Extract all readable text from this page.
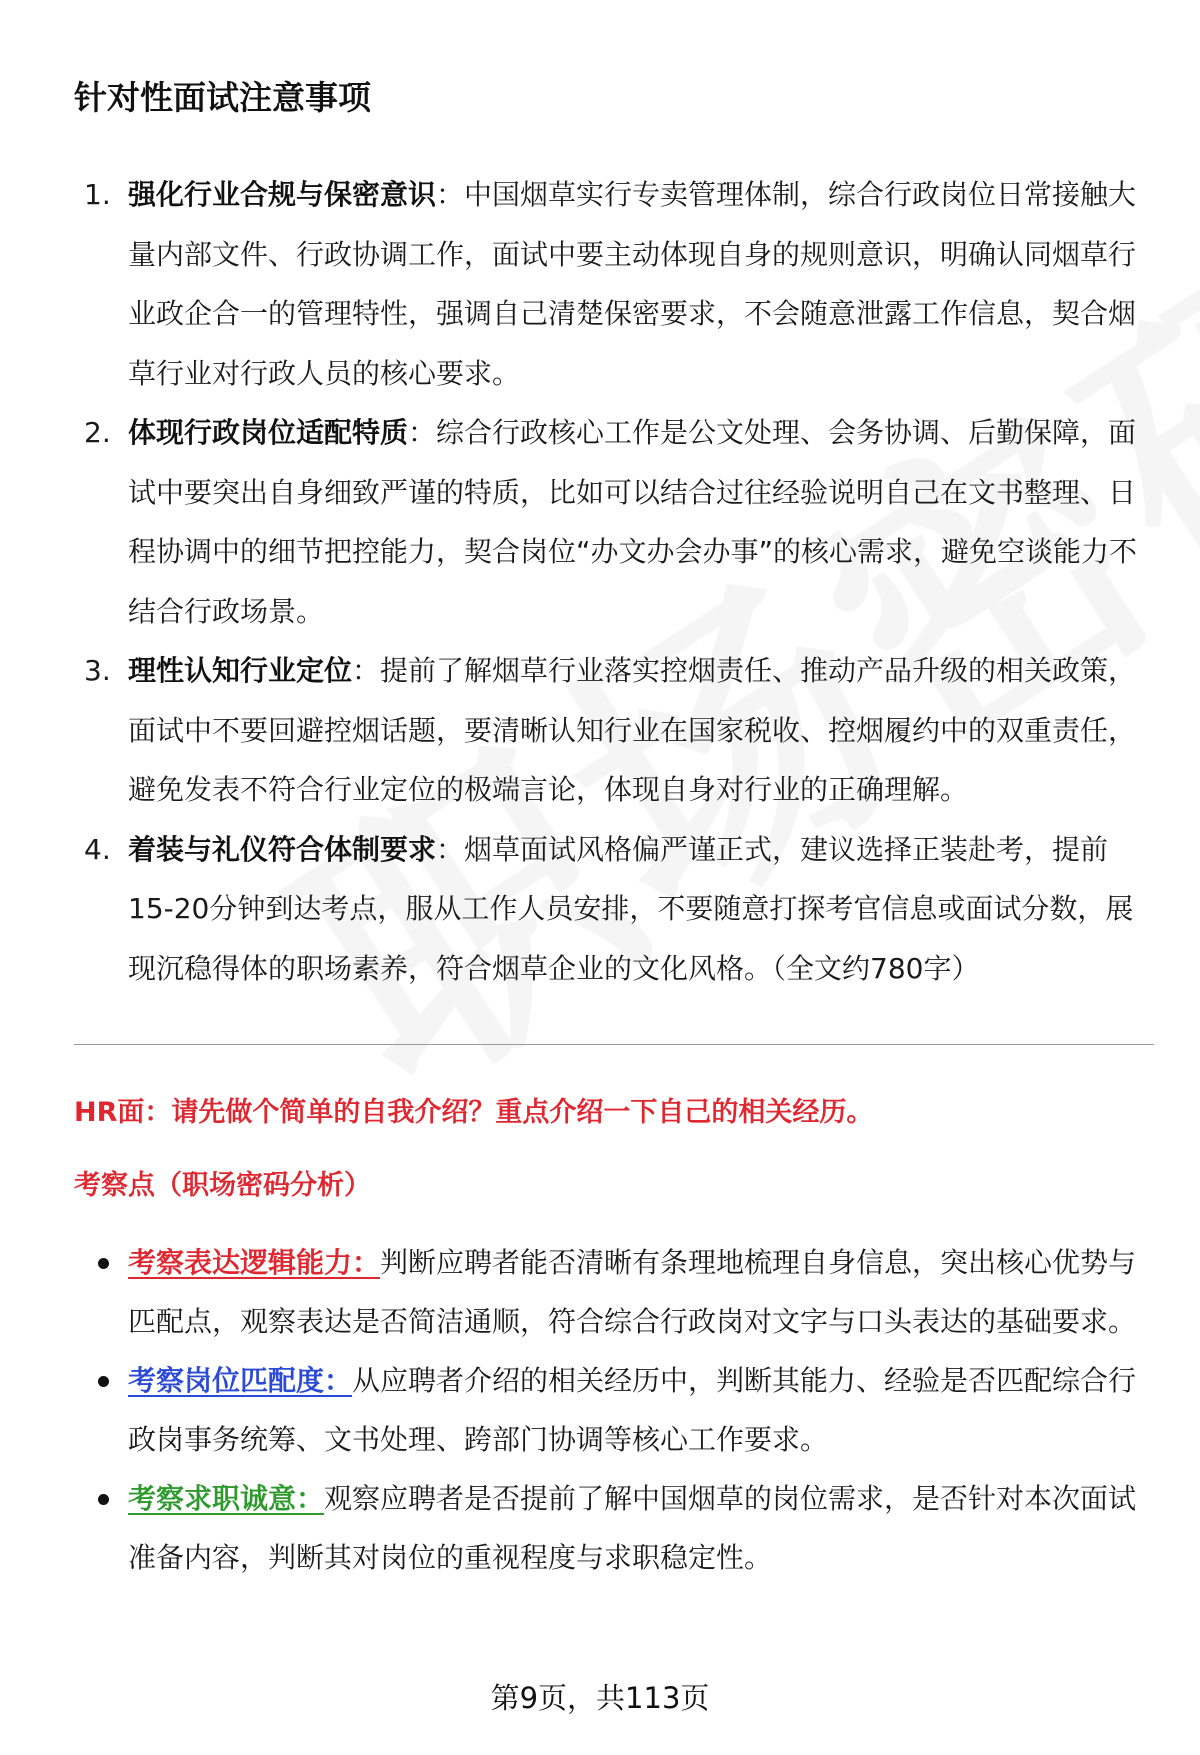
针对性面试注意事项
1. 强化行业合规与保密意识：中国烟草实行专卖管理体制，综合行政岗位日常接触大量内部文件、行政协调工作，面试中要主动体现自身的规则意识，明确认同烟草行业政企合一的管理特性，强调自己清楚保密要求，不会随意泄露工作信息，契合烟草行业对行政人员的核心要求。
2. 体现行政岗位适配特质：综合行政核心工作是公文处理、会务协调、后勤保障，面试中要突出自身细致严谨的特质，比如可以结合过往经验说明自己在文书整理、日程协调中的细节把控能力，契合岗位“办文办会办事”的核心需求，避免空谈能力不结合行政场景。
3. 理性认知行业定位：提前了解烟草行业落实控烟责任、推动产品升级的相关政策，面试中不要回避控烟话题，要清晰认知行业在国家税收、控烟履约中的双重责任，避免发表不符合行业定位的极端言论，体现自身对行业的正确理解。
4. 着装与礼仪符合体制要求：烟草面试风格偏严谨正式，建议选择正装赴考，提前15-20分钟到达考点，服从工作人员安排，不要随意打探考官信息或面试分数，展现沉稳得体的职场素养，符合烟草企业的文化风格。（全文约780字）
HR面：请先做个简单的自我介绍？重点介绍一下自己的相关经历。
考察点（职场密码分析）
考察表达逻辑能力：判断应聘者能否清晰有条理地梳理自身信息，突出核心优势与匹配点，观察表达是否简洁通顺，符合综合行政岗对文字与口头表达的基础要求。
考察岗位匹配度：从应聘者介绍的相关经历中，判断其能力、经验是否匹配综合行政岗事务统筹、文书处理、跨部门协调等核心工作要求。
考察求职诚意：观察应聘者是否提前了解中国烟草的岗位需求，是否针对本次面试准备内容，判断其对岗位的重视程度与求职稳定性。
第9页，共113页
